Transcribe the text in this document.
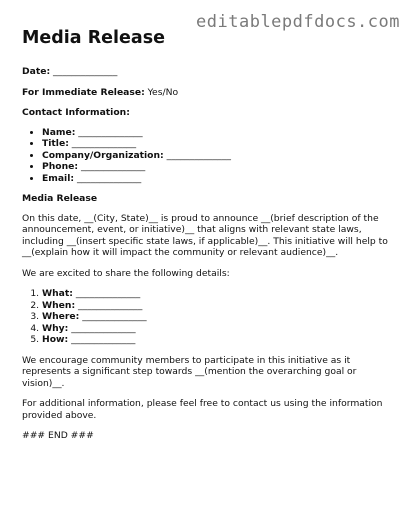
editablepdfdocs.com
Media Release

Date: ______________

For Immediate Release: Yes/No

Contact Information:

• Name: ______________
• Title: ______________
• Company/Organization: ______________
• Phone: ______________
• Email: ______________

Media Release

On this date, __(City, State)__ is proud to announce __(brief description of the announcement, event, or initiative)__ that aligns with relevant state laws, including __(insert specific state laws, if applicable)__. This initiative will help to __(explain how it will impact the community or relevant audience)__.

We are excited to share the following details:

1. What: ______________
2. When: ______________
3. Where: ______________
4. Why: ______________
5. How: ______________

We encourage community members to participate in this initiative as it represents a significant step towards __(mention the overarching goal or vision)__.

For additional information, please feel free to contact us using the information provided above.

### END ###
